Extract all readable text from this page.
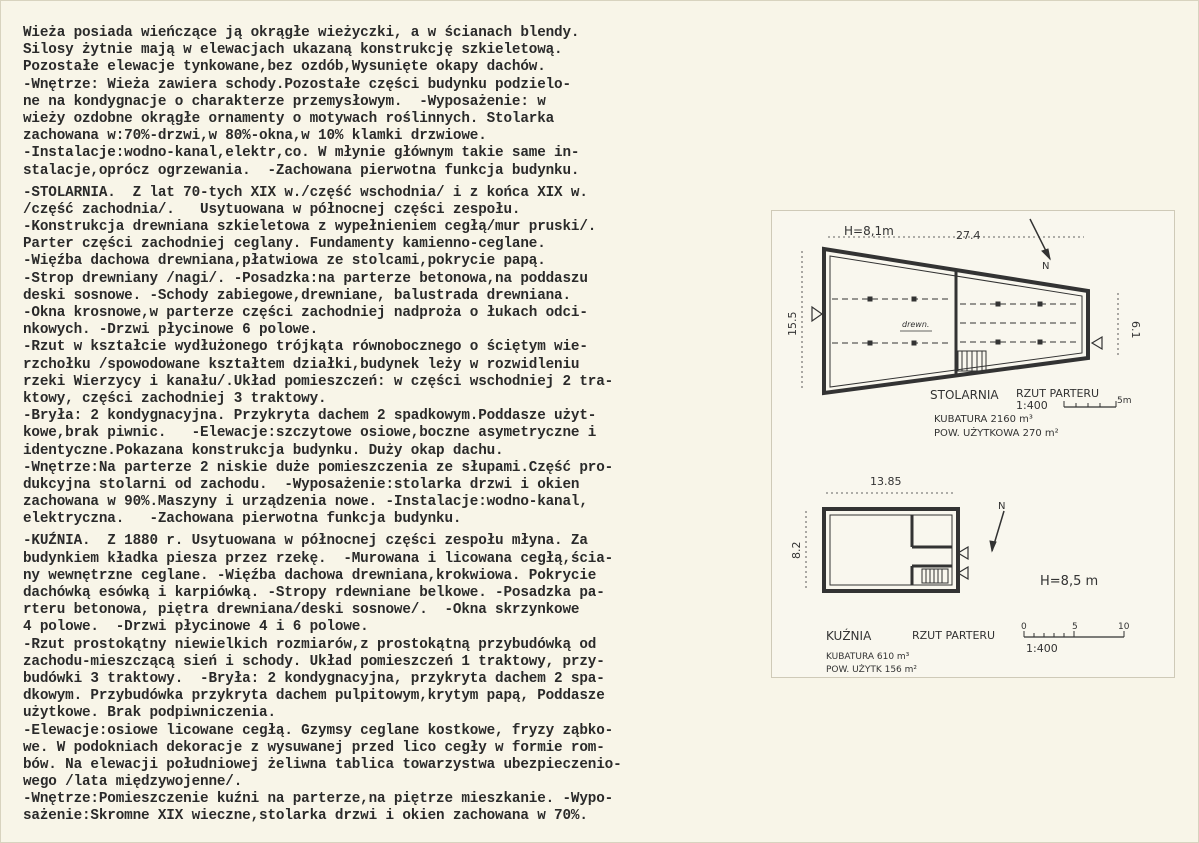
Wieża posiada wieńczące ją okrągłe wieżyczki, a w ścianach blendy.
Silosy żytnie mają w elewacjach ukazaną konstrukcję szkieletową.
Pozostałe elewacje tynkowane,bez ozdób,Wysunięte okapy dachów.
-Wnętrze: Wieża zawiera schody.Pozostałe części budynku podzielo-
ne na kondygnacje o charakterze przemysłowym.  -Wyposażenie: w
wieży ozdobne okrągłe ornamenty o motywach roślinnych. Stolarka
zachowana w:70%-drzwi,w 80%-okna,w 10% klamki drzwiowe.
-Instalacje:wodno-kanal,elektr,co. W młynie głównym takie same in-
stalacje,oprócz ogrzewania.  -Zachowana pierwotna funkcja budynku.
-STOLARNIA.  Z lat 70-tych XIX w./część wschodnia/ i z końca XIX w.
/część zachodnia/.   Usytuowana w północnej części zespołu.
-Konstrukcja drewniana szkieletowa z wypełnieniem cegłą/mur pruski/.
Parter części zachodniej ceglany. Fundamenty kamienno-ceglane.
-Więźba dachowa drewniana,płatwiowa ze stolcami,pokrycie papą.
-Strop drewniany /nagi/. -Posadzka:na parterze betonowa,na poddaszu
deski sosnowe. -Schody zabiegowe,drewniane, balustrada drewniana.
-Okna krosnowe,w parterze części zachodniej nadproża o łukach odci-
nkowych. -Drzwi płycinowe 6 polowe.
-Rzut w kształcie wydłużonego trójkąta równobocznego o ściętym wie-
rzchołku /spowodowane kształtem działki,budynek leży w rozwidleniu
rzeki Wierzycy i kanału/.Układ pomieszczeń: w części wschodniej 2 tra-
ktowy, części zachodniej 3 traktowy.
-Bryła: 2 kondygnacyjna. Przykryta dachem 2 spadkowym.Poddasze użyt-
kowe,brak piwnic.   -Elewacje:szczytowe osiowe,boczne asymetryczne i
identyczne.Pokazana konstrukcja budynku. Duży okap dachu.
-Wnętrze:Na parterze 2 niskie duże pomieszczenia ze słupami.Część pro-
dukcyjna stolarni od zachodu.  -Wyposażenie:stolarka drzwi i okien
zachowana w 90%.Maszyny i urządzenia nowe. -Instalacje:wodno-kanal,
elektryczna.   -Zachowana pierwotna funkcja budynku.
-KUŹNIA.  Z 1880 r. Usytuowana w północnej części zespołu młyna. Za
budynkiem kładka piesza przez rzekę.  -Murowana i licowana cegłą,ścia-
ny wewnętrzne ceglane. -Więźba dachowa drewniana,krokwiowa. Pokrycie
dachówką esówką i karpiówką. -Stropy rdewniane belkowe. -Posadzka pa-
rteru betonowa, piętra drewniana/deski sosnowe/.  -Okna skrzynkowe
4 polowe.  -Drzwi płycinowe 4 i 6 polowe.
-Rzut prostokątny niewielkich rozmiarów,z prostokątną przybudówką od
zachodu-mieszczącą sień i schody. Układ pomieszczeń 1 traktowy, przy-
budówki 3 traktowy.  -Bryła: 2 kondygnacyjna, przykryta dachem 2 spa-
dkowym. Przybudówka przykryta dachem pulpitowym,krytym papą, Poddasze
użytkowe. Brak podpiwniczenia.
-Elewacje:osiowe licowane cegłą. Gzymsy ceglane kostkowe, fryzy ząbko-
we. W podokniach dekoracje z wysuwanej przed lico cegły w formie rom-
bów. Na elewacji południowej żeliwna tablica towarzystwa ubezpieczenio-
wego /lata międzywojenne/.
-Wnętrze:Pomieszczenie kuźni na parterze,na piętrze mieszkanie. -Wypo-
sażenie:Skromne XIX wieczne,stolarka drzwi i okien zachowana w 70%.
H=8,1m	27.4
15.5	6.1
N
drewn.
STOLARNIA RZUT PARTERU
1:400	5m
KUBATURA 2160 m³
POW. UŻYTKOWA 270 m²
13.85
8.2
N
H=8,5 m
KUŹNIA	RZUT PARTERU
0	5	10
1:400
KUBATURA 610 m³
POW. UŻYTK 156 m²
